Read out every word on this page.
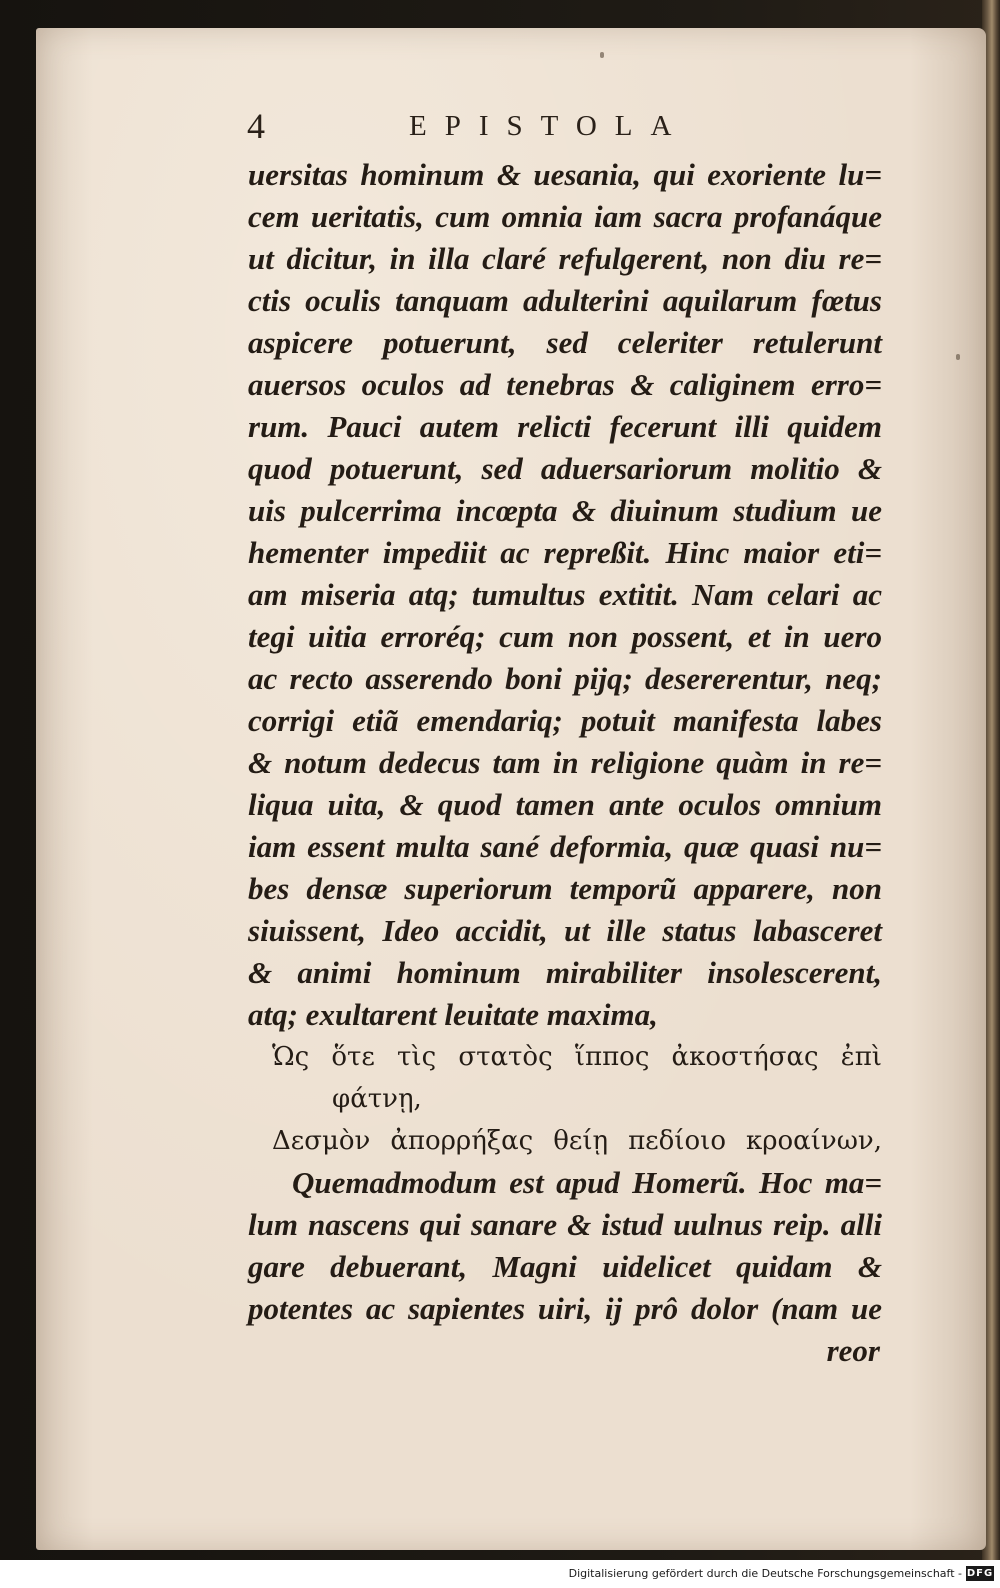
4	EPISTOLA
uersitas hominum & uesania, qui exoriente lu=
cem ueritatis, cum omnia iam sacra profanáque
ut dicitur, in illa claré refulgerent, non diu re=
ctis oculis tanquam adulterini aquilarum fœtus
aspicere potuerunt, sed celeriter retulerunt
auersos oculos ad tenebras & caliginem erro=
rum. Pauci autem relicti fecerunt illi quidem
quod potuerunt, sed aduersariorum molitio &
uis pulcerrima incœpta & diuinum studium ue
hementer impediit ac repreßit. Hinc maior eti=
am miseria atq; tumultus extitit. Nam celari ac
tegi uitia erroréq; cum non possent, et in uero
ac recto asserendo boni pijq; desererentur, neq;
corrigi etiã emendariq; potuit manifesta labes
& notum dedecus tam in religione quàm in re=
liqua uita, & quod tamen ante oculos omnium
iam essent multa sané deformia, quæ quasi nu=
bes densæ superiorum temporũ apparere, non
siuissent, Ideo accidit, ut ille status labasceret
& animi hominum mirabiliter insolescerent,
atq; exultarent leuitate maxima,
Ὡς ὅτε τὶς στατὸς ἵππος ἀκοστήσας ἐπὶ
φάτνῃ,
Δεσμὸν ἀπορρήξας θείῃ πεδίοιο κροαίνων,
Quemadmodum est apud Homerũ. Hoc ma=
lum nascens qui sanare & istud uulnus reip. alli
gare debuerant, Magni uidelicet quidam &
potentes ac sapientes uiri, ij prô dolor (nam ue
reor
Digitalisierung gefördert durch die Deutsche Forschungsgemeinschaft - DFG
